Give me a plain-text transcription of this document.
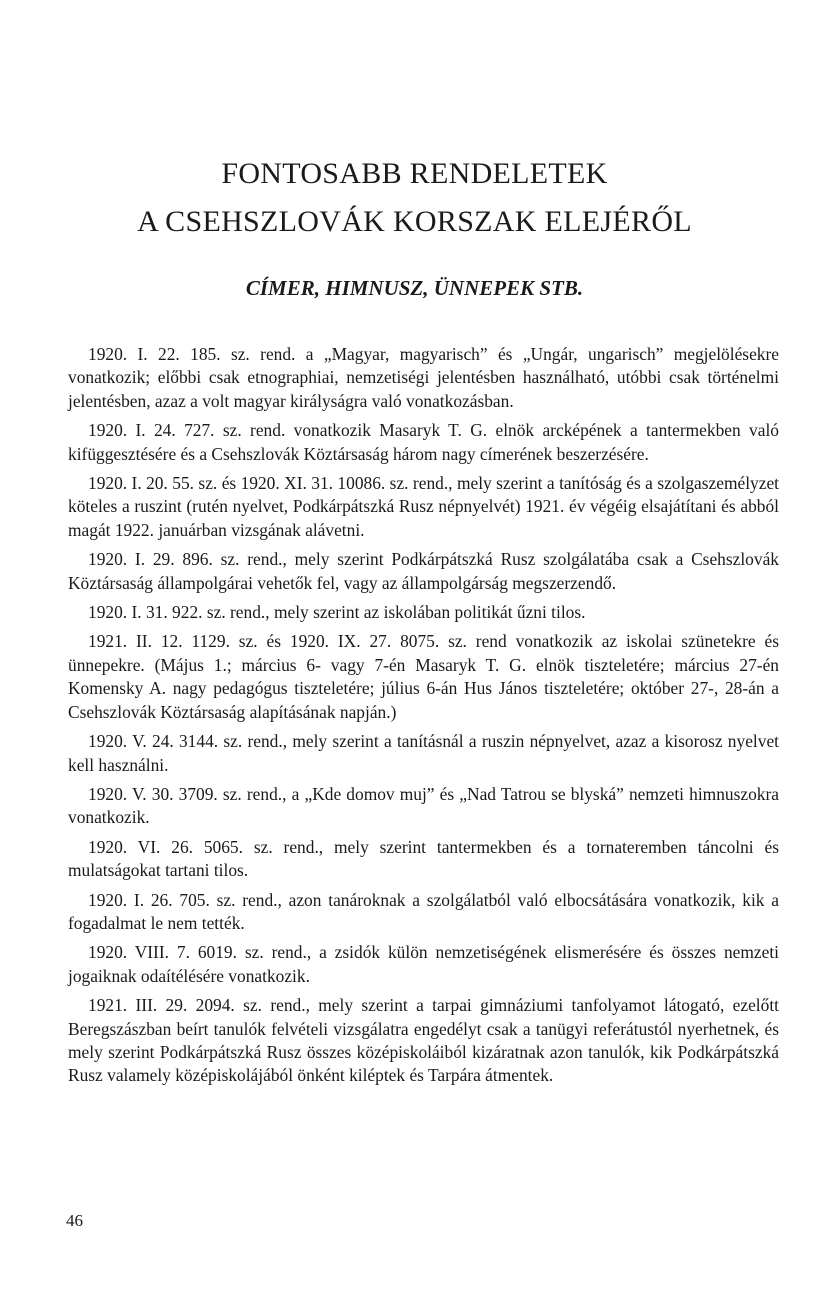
FONTOSABB RENDELETEK
A CSEHSZLOVÁK KORSZAK ELEJÉRŐL
CÍMER, HIMNUSZ, ÜNNEPEK STB.

1920. I. 22. 185. sz. rend. a „Magyar, magyarisch” és „Ungár, ungarisch” megjelölésekre vonatkozik; előbbi csak etnographiai, nemzetiségi jelentésben használható, utóbbi csak történelmi jelentésben, azaz a volt magyar királyságra való vonatkozásban.

1920. I. 24. 727. sz. rend. vonatkozik Masaryk T. G. elnök arcképének a tantermekben való kifüggesztésére és a Csehszlovák Köztársaság három nagy címerének beszerzésére.

1920. I. 20. 55. sz. és 1920. XI. 31. 10086. sz. rend., mely szerint a tanítóság és a szolgaszemélyzet köteles a ruszint (rutén nyelvet, Podkárpátszká Rusz népnyelvét) 1921. év végéig elsajátítani és abból magát 1922. januárban vizsgának alávetni.

1920. I. 29. 896. sz. rend., mely szerint Podkárpátszká Rusz szolgálatába csak a Csehszlovák Köztársaság állampolgárai vehetők fel, vagy az állampolgárság megszerzendő.

1920. I. 31. 922. sz. rend., mely szerint az iskolában politikát űzni tilos.

1921. II. 12. 1129. sz. és 1920. IX. 27. 8075. sz. rend vonatkozik az iskolai szünetekre és ünnepekre. (Május 1.; március 6- vagy 7-én Masaryk T. G. elnök tiszteletére; március 27-én Komensky A. nagy pedagógus tiszteletére; július 6-án Hus János tiszteletére; október 27-, 28-án a Csehszlovák Köztársaság alapításának napján.)

1920. V. 24. 3144. sz. rend., mely szerint a tanításnál a ruszin népnyelvet, azaz a kisorosz nyelvet kell használni.

1920. V. 30. 3709. sz. rend., a „Kde domov muj” és „Nad Tatrou se blyská” nemzeti himnuszokra vonatkozik.

1920. VI. 26. 5065. sz. rend., mely szerint tantermekben és a tornateremben táncolni és mulatságokat tartani tilos.

1920. I. 26. 705. sz. rend., azon tanároknak a szolgálatból való elbocsátására vonatkozik, kik a fogadalmat le nem tették.

1920. VIII. 7. 6019. sz. rend., a zsidók külön nemzetiségének elismerésére és összes nemzeti jogaiknak odaítélésére vonatkozik.

1921. III. 29. 2094. sz. rend., mely szerint a tarpai gimnáziumi tanfolyamot látogató, ezelőtt Beregszászban beírt tanulók felvételi vizsgálatra engedélyt csak a tanügyi referátustól nyerhetnek, és mely szerint Podkárpátszká Rusz összes középiskoláiból kizáratnak azon tanulók, kik Podkárpátszká Rusz valamely középiskolájából önként kiléptek és Tarpára átmentek.

46
